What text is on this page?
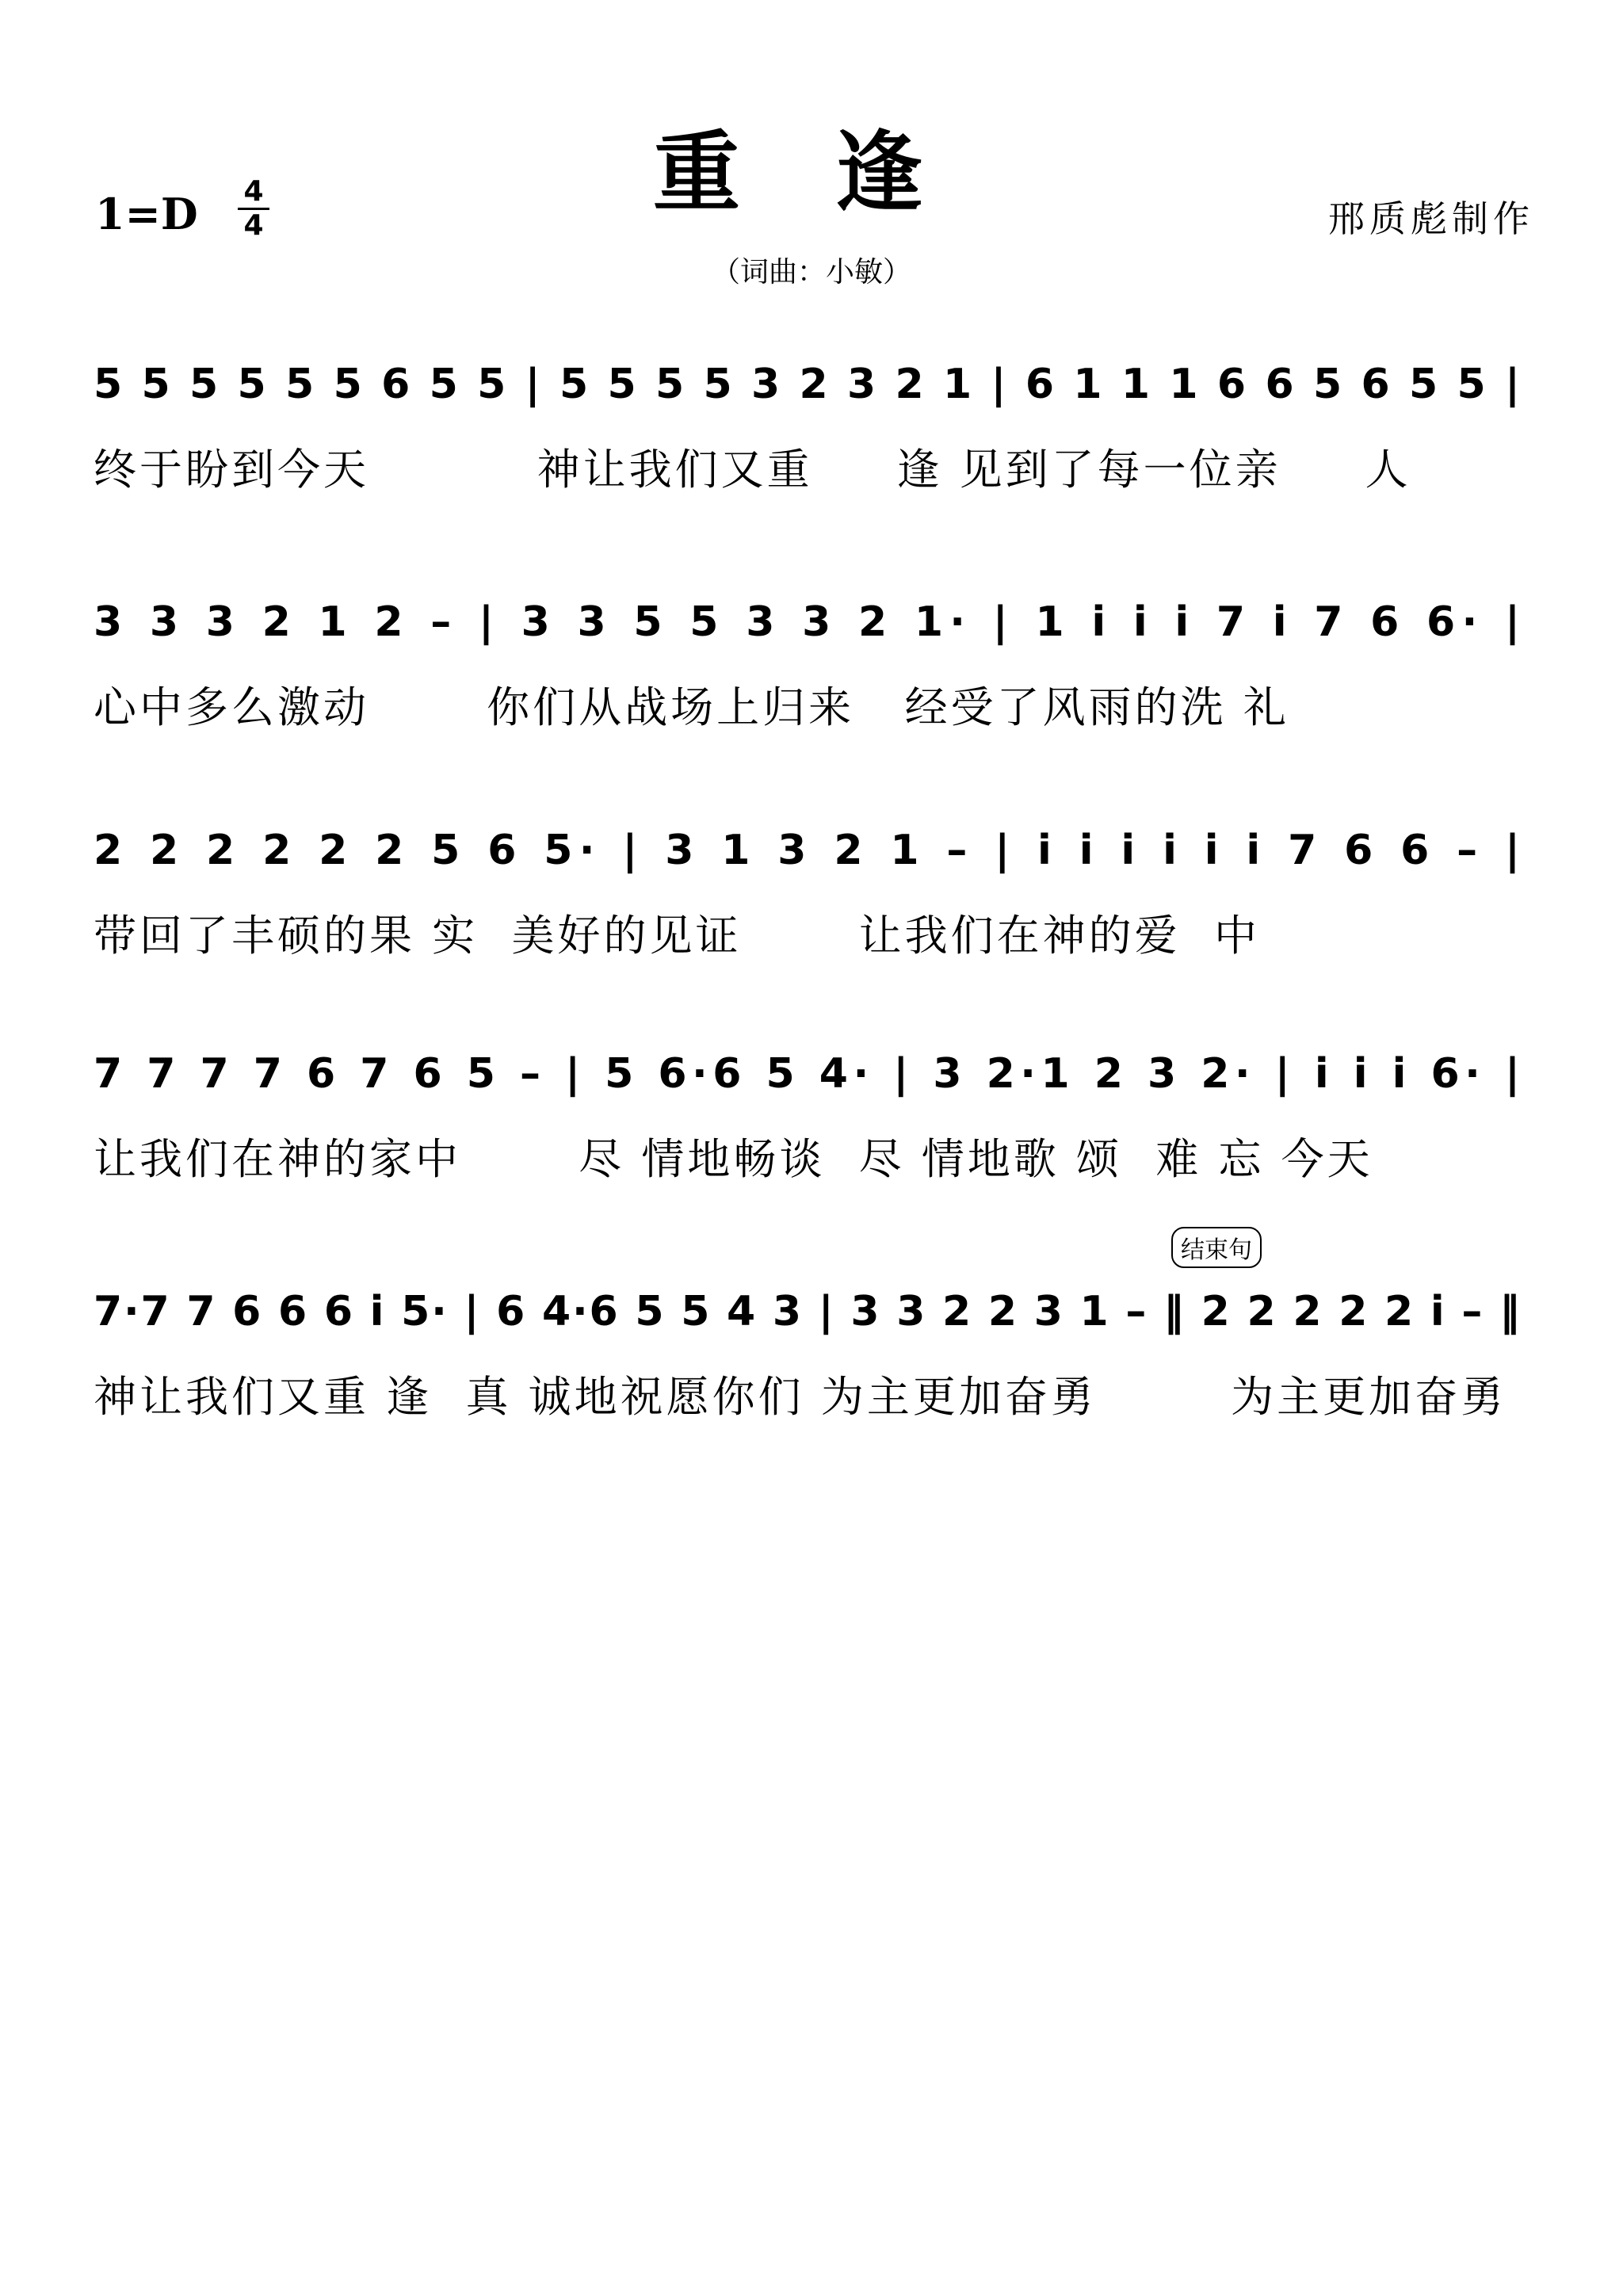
重逢
1=D 4
4	邢质彪制作
（词曲：小敏）
5 5 5 5 5 5 6 5 5 | 5 5 5 5 3 2 3 2 1 | 6 1 1 1 6 6 5 6 5 5 |
终于盼到今天          神让我们又重     逢 见到了每一位亲     人
3 3 3 2 1 2 – | 3 3 5 5 3 3 2 1· | 1 i i i 7 i 7 6 6· |
心中多么激动       你们从战场上归来   经受了风雨的洗 礼
2 2 2 2 2 2 5 6 5· | 3 1 3 2 1 – | i i i i i i 7 6 6 – |
带回了丰硕的果 实  美好的见证       让我们在神的爱  中
7 7 7 7 6 7 6 5 – | 5 6·6 5 4· | 3 2·1 2 3 2· | i i i 6· |
让我们在神的家中       尽 情地畅谈  尽 情地歌 颂  难 忘 今天
结束句
7·7 7 6 6 6 i 5· | 6 4·6 5 5 4 3 | 3 3 2 2 3 1 – ‖ 2 2 2 2 2 i – ‖
神让我们又重 逢  真 诚地祝愿你们 为主更加奋勇        为主更加奋勇
